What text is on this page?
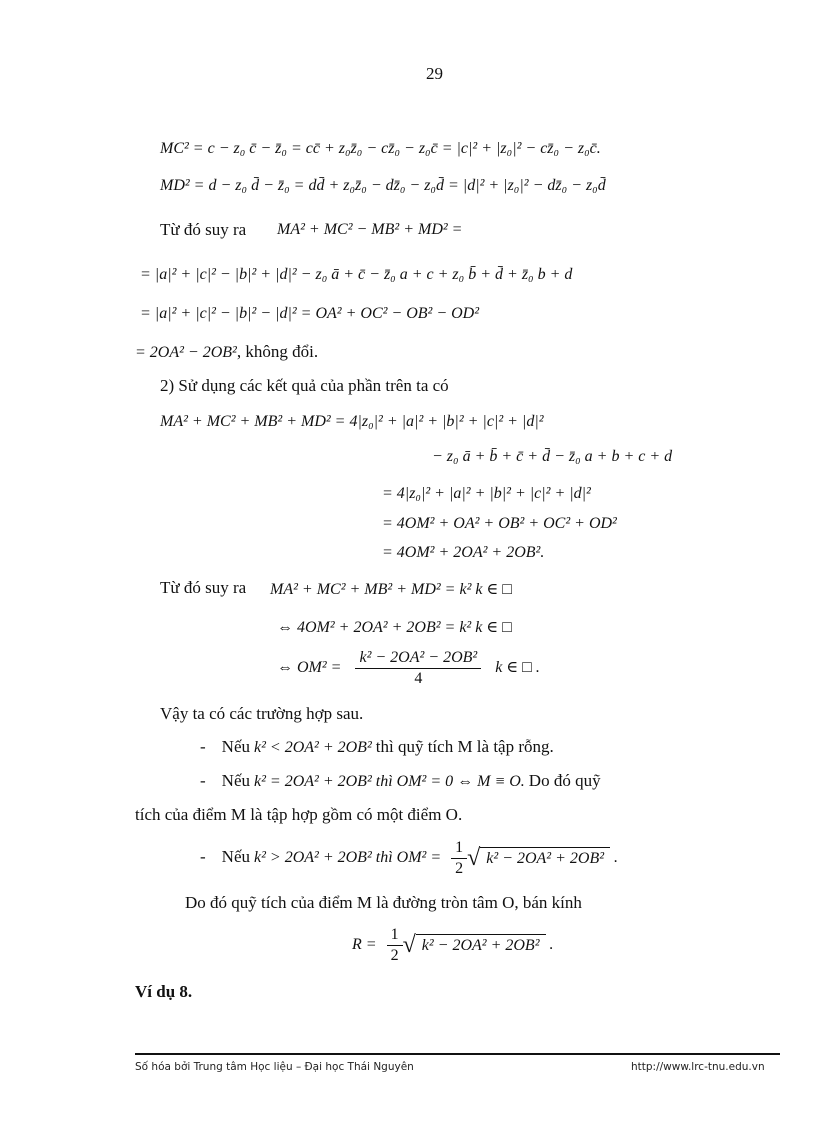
29
MC² = c − z₀ c̄ − z̄₀ = cc̄ + z₀z̄₀ − cz̄₀ − z₀c̄ = |c|² + |z₀|² − cz̄₀ − z₀c̄.
MD² = d − z₀ d̄ − z̄₀ = dd̄ + z₀z̄₀ − dz̄₀ − z₀d̄ = |d|² + |z₀|² − dz̄₀ − z₀d̄
Từ đó suy ra MA² + MC² − MB² + MD² =
= |a|² + |c|² − |b|² + |d|² − z₀ ā + c̄ − z̄₀ a + c + z₀ b̄ + d̄ + z̄₀ b + d
= |a|² + |c|² − |b|² − |d|² = OA² + OC² − OB² − OD²
= 2OA² − 2OB², không đổi.
2) Sử dụng các kết quả của phần trên ta có
MA² + MC² + MB² + MD² = 4|z₀|² + |a|² + |b|² + |c|² + |d|²
− z₀ ā + b̄ + c̄ + d̄ − z̄₀ a + b + c + d
= 4|z₀|² + |a|² + |b|² + |c|² + |d|²
= 4OM² + OA² + OB² + OC² + OD²
= 4OM² + 2OA² + 2OB².
Từ đó suy ra MA² + MC² + MB² + MD² = k² k ∈ □
⇔ 4OM² + 2OA² + 2OB² = k² k ∈ □
⇔ $OM^2 = \frac{\text{k² − 2OA² − 2OB²}}{4}$ k ∈ □ .
Vậy ta có các trường hợp sau.
- Nếu k² < 2OA² + 2OB² thì quỹ tích M là tập rỗng.
- Nếu k² = 2OA² + 2OB² thì OM² = 0 ⇔ M ≡ O. Do đó quỹ
tích của điểm M là tập hợp gồm có một điểm O.
- Nếu k² > 2OA² + 2OB² thì $OM^2 = \frac{1}{2}$ √ k² − 2OA² + 2OB² .
Do đó quỹ tích của điểm M là đường tròn tâm O, bán kính
$R = \frac{1}{2}$ √ k² − 2OA² + 2OB² .
Ví dụ 8.
Số hóa bởi Trung tâm Học liệu – Đại học Thái Nguyên	http://www.lrc-tnu.edu.vn
